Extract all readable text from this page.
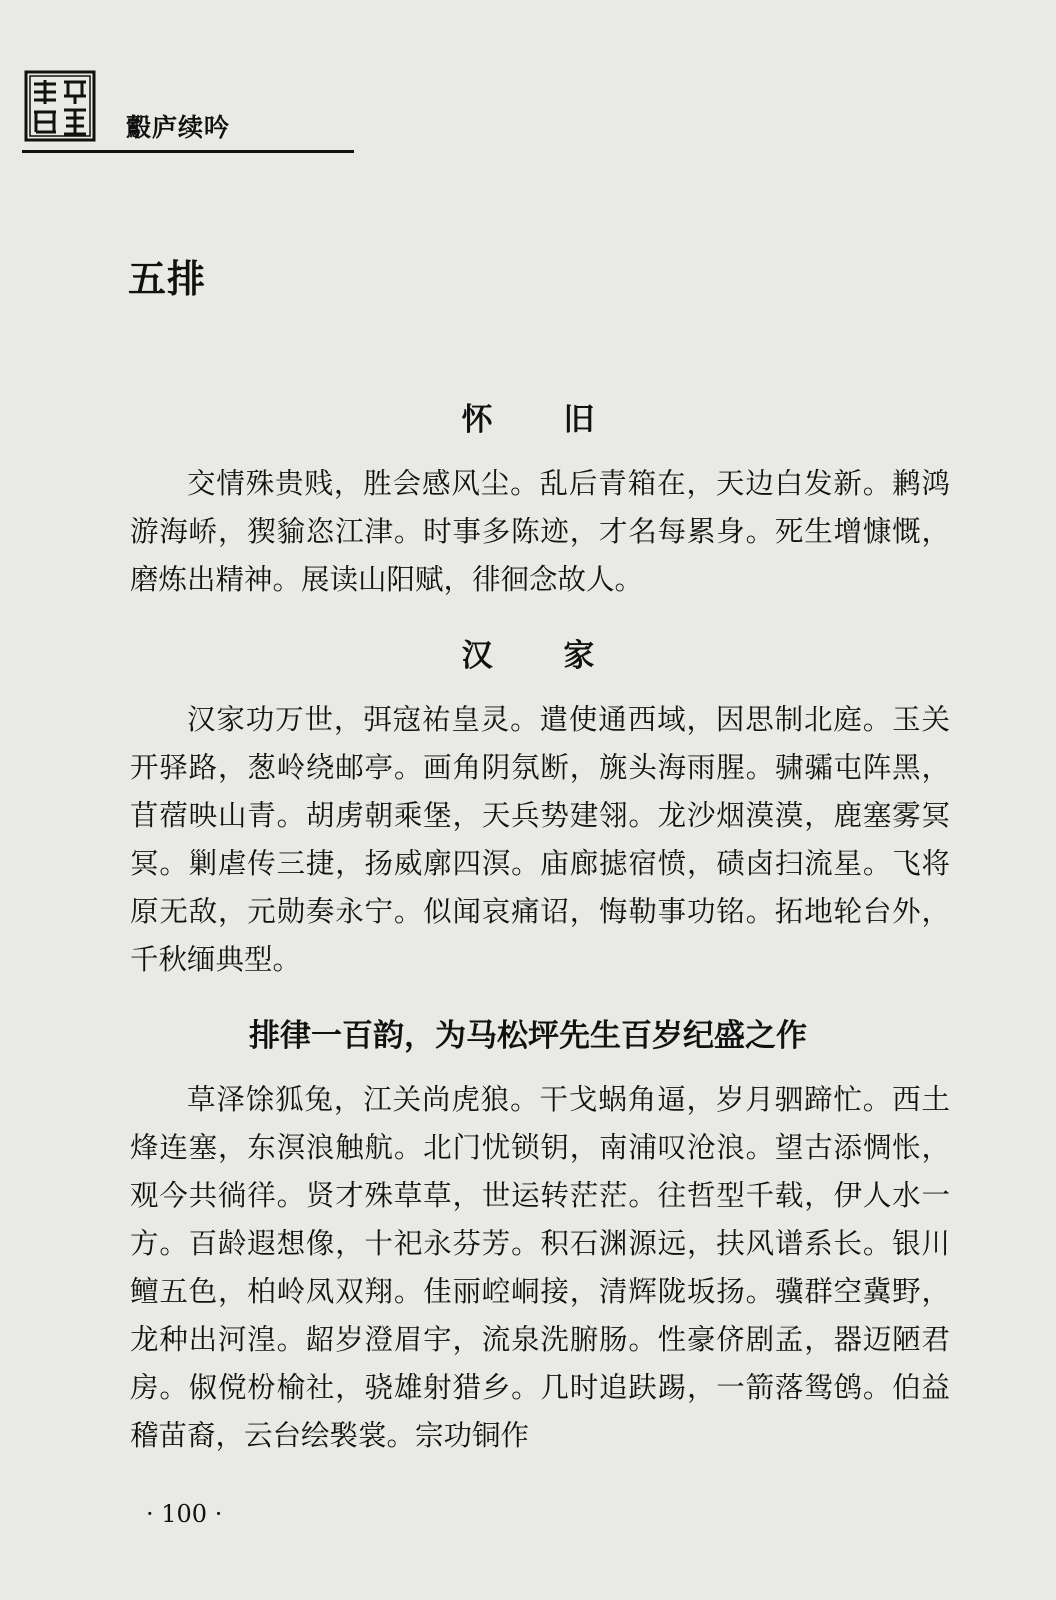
鷇庐续吟
五排
怀 旧
交情殊贵贱，胜会感风尘。乱后青箱在，天边白发新。鹣鸿游海峤，猰貐恣江津。时事多陈迹，才名每累身。死生增慷慨，磨炼出精神。展读山阳赋，徘徊念故人。
汉 家
汉家功万世，弭寇祐皇灵。遣使通西域，因思制北庭。玉关开驿路，葱岭绕邮亭。画角阴氛断，旐头海雨腥。骕骦屯阵黑，苜蓿映山青。胡虏朝乘堡，天兵势建翎。龙沙烟漠漠，鹿塞雾冥冥。剿虐传三捷，扬威廓四溟。庙廊摅宿愤，碛卤扫流星。飞将原无敌，元勋奏永宁。似闻哀痛诏，悔勒事功铭。拓地轮台外，千秋缅典型。
排律一百韵，为马松坪先生百岁纪盛之作
草泽馀狐兔，江关尚虎狼。干戈蜗角逼，岁月驷蹄忙。西土烽连塞，东溟浪触航。北门忧锁钥，南浦叹沧浪。望古添惆怅，观今共徜徉。贤才殊草草，世运转茫茫。往哲型千载，伊人水一方。百龄遐想像，十祀永芬芳。积石渊源远，扶风谱系长。银川鳣五色，柏岭凤双翔。佳丽崆峒接，清辉陇坂扬。骥群空冀野，龙种出河湟。龆岁澄眉宇，流泉洗腑肠。性豪侪剧孟，器迈陋君房。俶傥枌榆社，骁雄射猎乡。几时追趺踢，一箭落鸳鸧。伯益稽苗裔，云台绘褧裳。宗功铜作
· 100 ·
